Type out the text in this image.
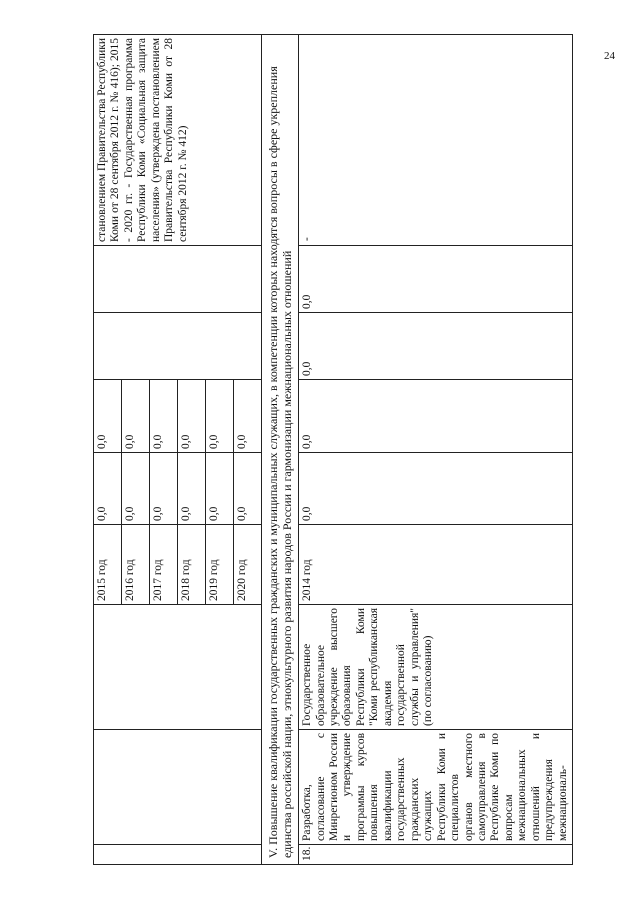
24
			2015 год	0,0	0,0			становлением Правительства Республики Коми от 28 сентября 2012 г. № 416); 2015 - 2020 гг. - Государственная программа Республики Коми «Социальная защита населения» (утверждена постановлением Правительства Республики Коми от 28 сентября 2012 г. № 412)
			2016 год	0,0	0,0			
			2017 год	0,0	0,0			
			2018 год	0,0	0,0			
			2019 год	0,0	0,0			
			2020 год	0,0	0,0			
V. Повышение квалификации государственных гражданских и муниципальных служащих, в компетенции которых находятся вопросы в сфере укрепления единства российской нации, этнокультурного развития народов России и гармонизации межнациональных отношений								
18.	Разработка, согласование с Минрегионом России и утверждение программы курсов повышения квалификации государственных гражданских служащих Республики Коми и специалистов органов местного самоуправления в Республике Коми по вопросам межнациональных отношений и предупреждения межнациональ-	Государственное образовательное учреждение высшего образования Республики Коми "Коми республиканская академия государственной службы и управления" (по согласованию)	2014 год	0,0	0,0	0,0	0,0	-
